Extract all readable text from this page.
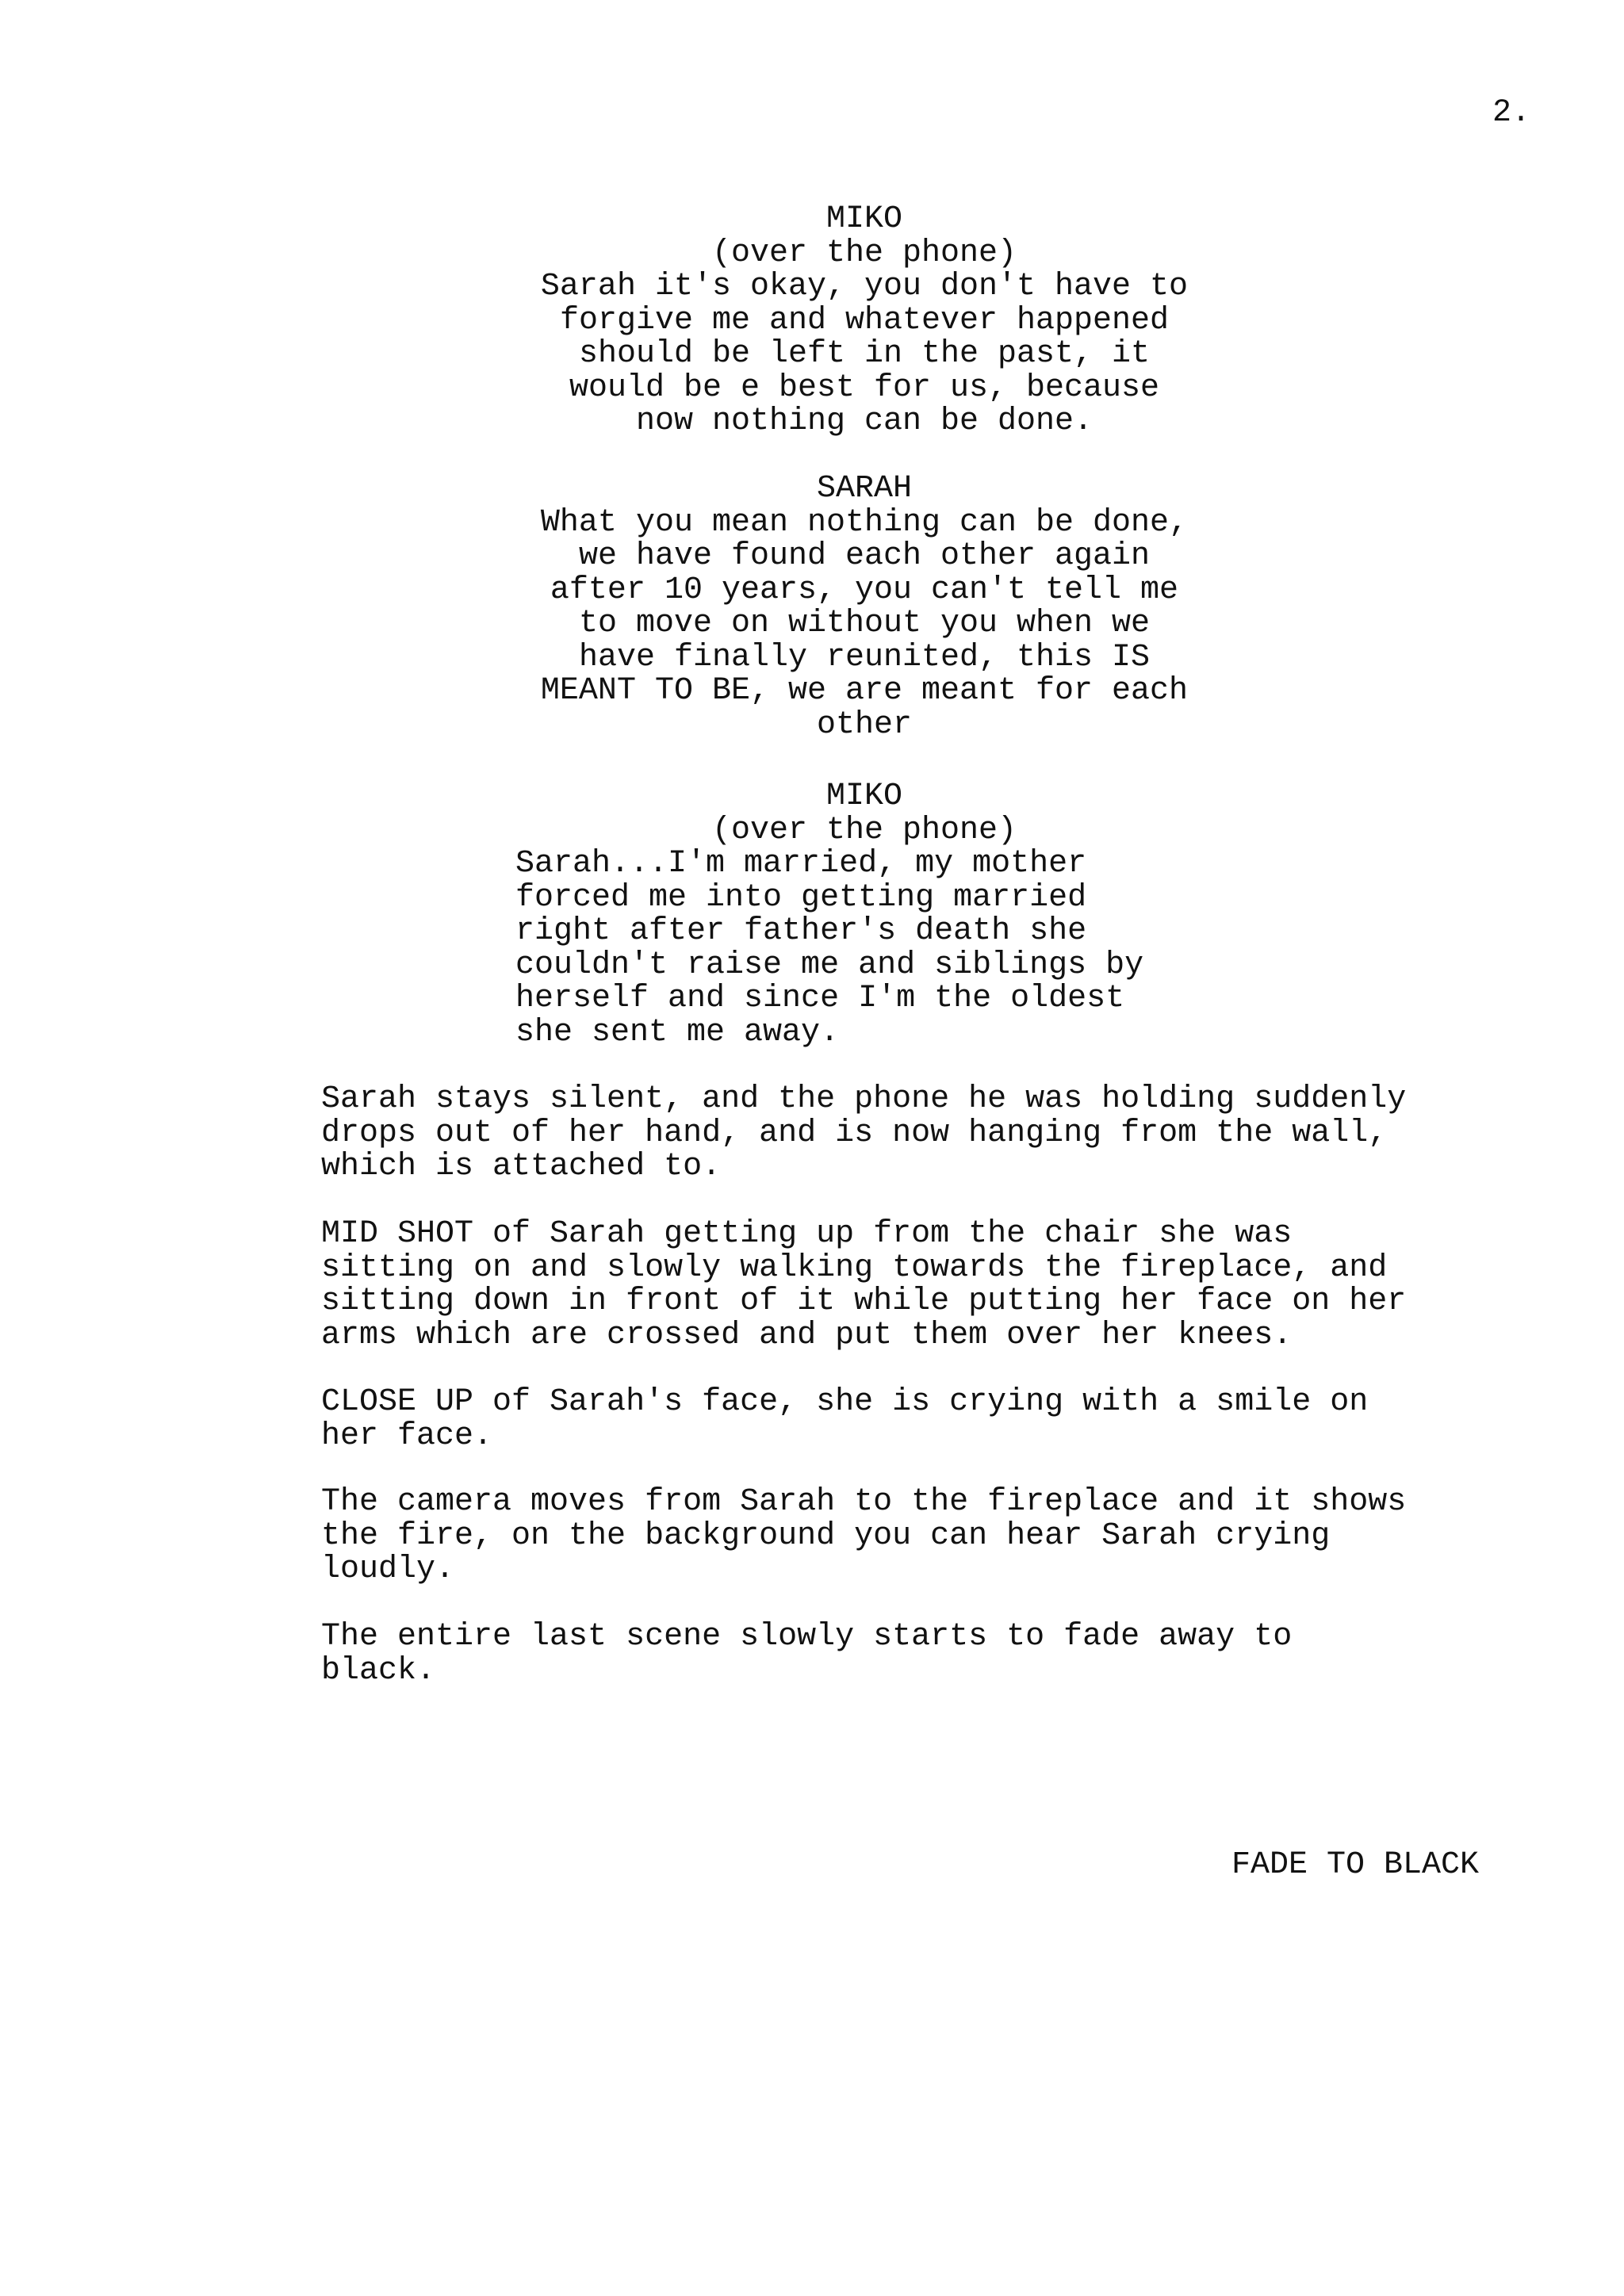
2.
MIKO
(over the phone)
Sarah it's okay, you don't have to
forgive me and whatever happened
should be left in the past, it
would be e best for us, because
now nothing can be done.
SARAH
What you mean nothing can be done,
we have found each other again
after 10 years, you can't tell me
to move on without you when we
have finally reunited, this IS
MEANT TO BE, we are meant for each
other
MIKO
(over the phone)
Sarah...I'm married, my mother
forced me into getting married
right after father's death she
couldn't raise me and siblings by
herself and since I'm the oldest
she sent me away.
Sarah stays silent, and the phone he was holding suddenly
drops out of her hand, and is now hanging from the wall,
which is attached to.
MID SHOT of Sarah getting up from the chair she was
sitting on and slowly walking towards the fireplace, and
sitting down in front of it while putting her face on her
arms which are crossed and put them over her knees.
CLOSE UP of Sarah's face, she is crying with a smile on
her face.
The camera moves from Sarah to the fireplace and it shows
the fire, on the background you can hear Sarah crying
loudly.
The entire last scene slowly starts to fade away to
black.
FADE TO BLACK
